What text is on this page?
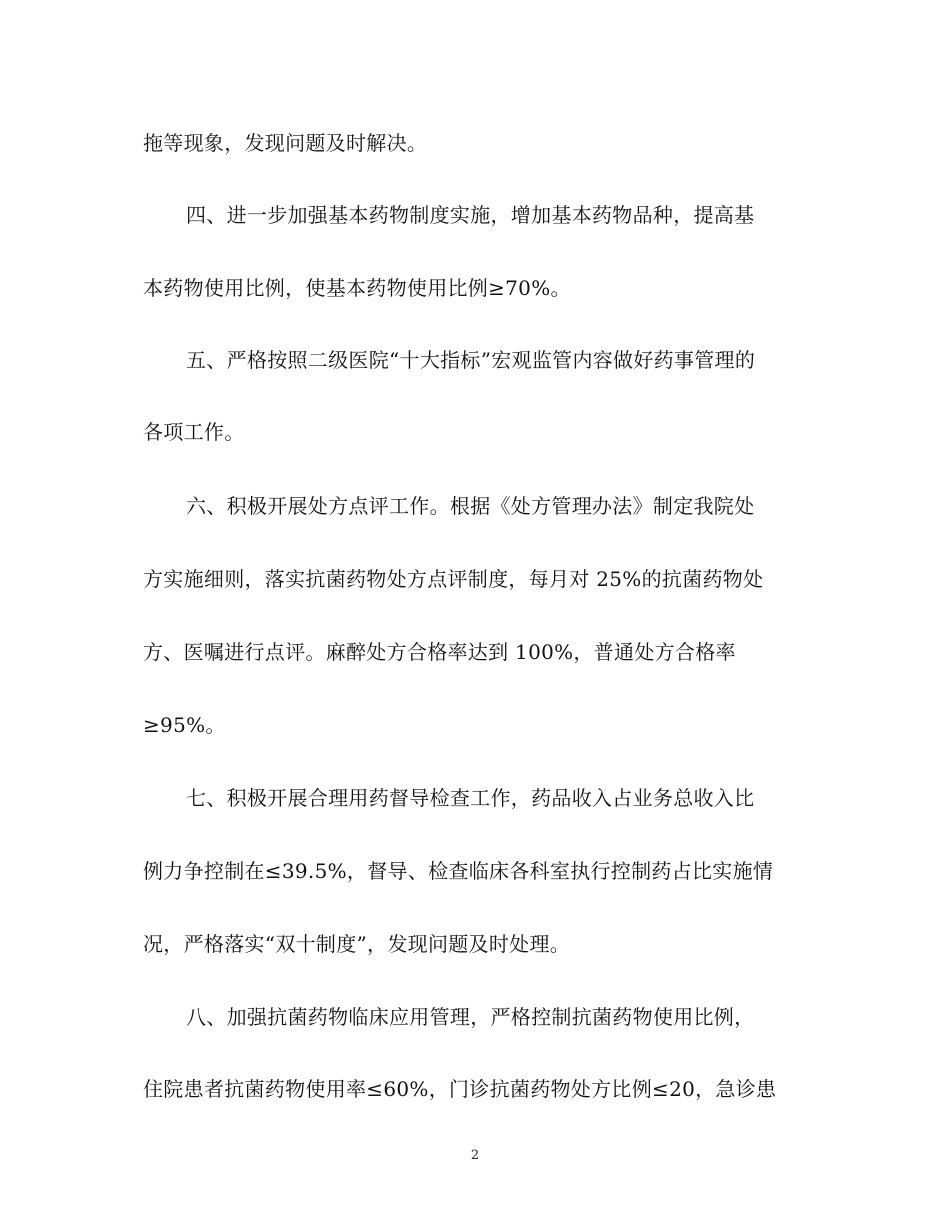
拖等现象，发现问题及时解决。
四、进一步加强基本药物制度实施，增加基本药物品种，提高基
本药物使用比例，使基本药物使用比例≥70%。
五、严格按照二级医院“十大指标”宏观监管内容做好药事管理的
各项工作。
六、积极开展处方点评工作。根据《处方管理办法》制定我院处
方实施细则，落实抗菌药物处方点评制度，每月对 25%的抗菌药物处
方、医嘱进行点评。麻醉处方合格率达到 100%，普通处方合格率
≥95%。
七、积极开展合理用药督导检查工作，药品收入占业务总收入比
例力争控制在≤39.5%，督导、检查临床各科室执行控制药占比实施情
况，严格落实“双十制度”，发现问题及时处理。
八、加强抗菌药物临床应用管理，严格控制抗菌药物使用比例，
住院患者抗菌药物使用率≤60%，门诊抗菌药物处方比例≤20，急诊患
2
